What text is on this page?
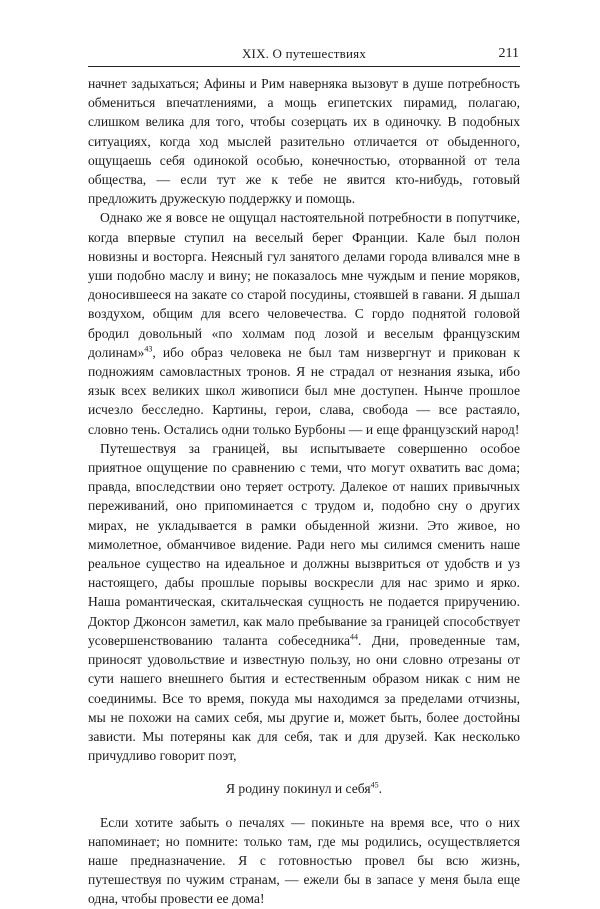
XIX. О путешествиях	211

начнет задыхаться; Афины и Рим наверняка вызовут в душе потребность обмениться впечатлениями, а мощь египетских пирамид, полагаю, слишком велика для того, чтобы созерцать их в одиночку. В подобных ситуациях, когда ход мыслей разительно отличается от обыденного, ощущаешь себя одинокой особью, конечностью, оторванной от тела общества, — если тут же к тебе не явится кто-нибудь, готовый предложить дружескую поддержку и помощь.

Однако же я вовсе не ощущал настоятельной потребности в попутчике, когда впервые ступил на веселый берег Франции. Кале был полон новизны и восторга. Неясный гул занятого делами города вливался мне в уши подобно маслу и вину; не показалось мне чуждым и пение моряков, доносившееся на закате со старой посудины, стоявшей в гавани. Я дышал воздухом, общим для всего человечества. С гордо поднятой головой бродил довольный «по холмам под лозой и веселым французским долинам»$^{43}$, ибо образ человека не был там низвергнут и прикован к подножиям самовластных тронов. Я не страдал от незнания языка, ибо язык всех великих школ живописи был мне доступен. Нынче прошлое исчезло бесследно. Картины, герои, слава, свобода — все растаяло, словно тень. Остались одни только Бурбоны — и еще французский народ!

Путешествуя за границей, вы испытываете совершенно особое приятное ощущение по сравнению с теми, что могут охватить вас дома; правда, впоследствии оно теряет остроту. Далекое от наших привычных переживаний, оно припоминается с трудом и, подобно сну о других мирах, не укладывается в рамки обыденной жизни. Это живое, но мимолетное, обманчивое видение. Ради него мы силимся сменить наше реальное существо на идеальное и должны вызвриться от удобств и уз настоящего, дабы прошлые порывы воскресли для нас зримо и ярко. Наша романтическая, скитальческая сущность не подается приручению. Доктор Джонсон заметил, как мало пребывание за границей способствует усовершенствованию таланта собеседника$^{44}$. Дни, проведенные там, приносят удовольствие и известную пользу, но они словно отрезаны от сути нашего внешнего бытия и естественным образом никак с ним не соединимы. Все то время, покуда мы находимся за пределами отчизны, мы не похожи на самих себя, мы другие и, может быть, более достойны зависти. Мы потеряны как для себя, так и для друзей. Как несколько причудливо говорит поэт,

Я родину покинул и себя$^{45}$.

Если хотите забыть о печалях — покиньте на время все, что о них напоминает; но помните: только там, где мы родились, осуществляется наше предназначение. Я с готовностью провел бы всю жизнь, путешествуя по чужим странам, — ежели бы в запасе у меня была еще одна, чтобы провести ее дома!
